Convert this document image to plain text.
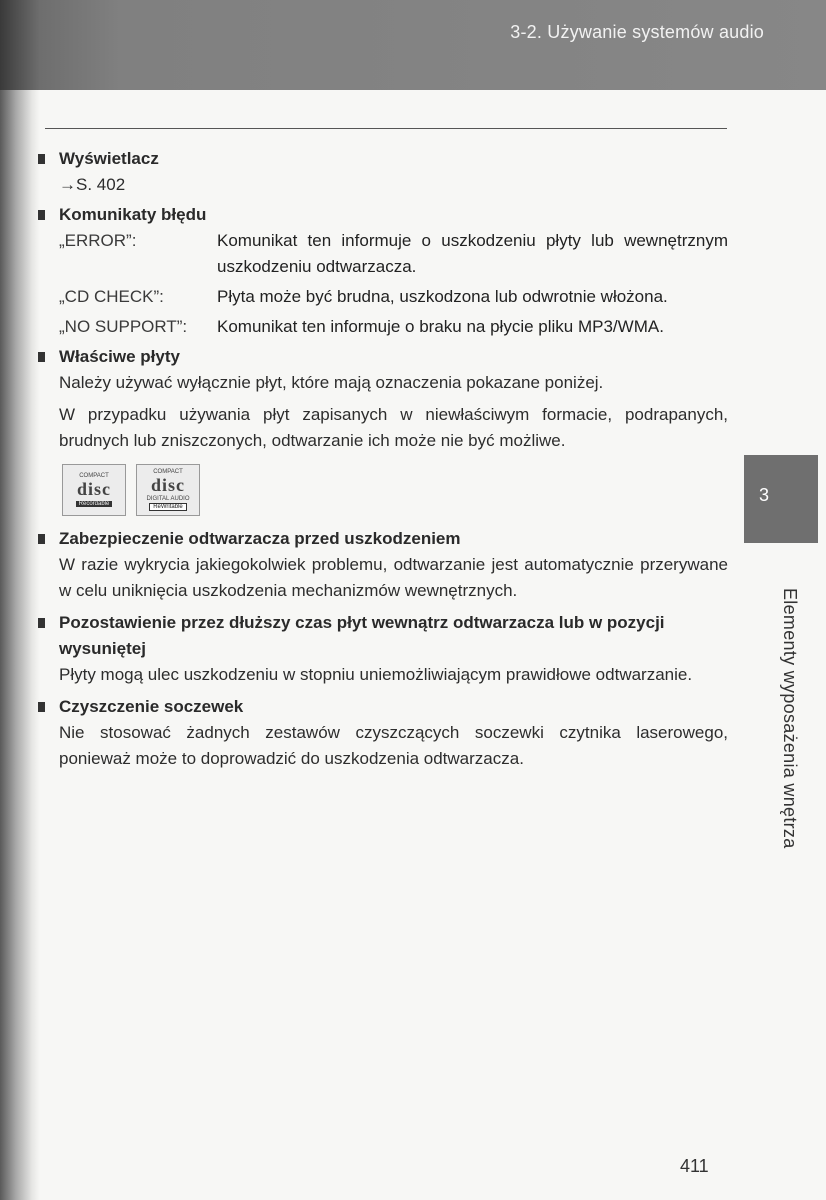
3-2. Używanie systemów audio
Wyświetlacz
→S. 402
Komunikaty błędu
„ERROR”:	Komunikat ten informuje o uszkodzeniu płyty lub wewnętrznym uszkodzeniu odtwarzacza.
„CD CHECK”:	Płyta może być brudna, uszkodzona lub odwrotnie włożona.
„NO SUPPORT”:	Komunikat ten informuje o braku na płycie pliku MP3/WMA.
Właściwe płyty
Należy używać wyłącznie płyt, które mają oznaczenia pokazane poniżej.
W przypadku używania płyt zapisanych w niewłaściwym formacie, podrapanych, brudnych lub zniszczonych, odtwarzanie ich może nie być możliwe.
COMPACT
disc
Recordable
COMPACT
disc
DIGITAL AUDIO
ReWritable
Zabezpieczenie odtwarzacza przed uszkodzeniem
W razie wykrycia jakiegokolwiek problemu, odtwarzanie jest automatycznie przerywane w celu uniknięcia uszkodzenia mechanizmów wewnętrznych.
Pozostawienie przez dłuższy czas płyt wewnątrz odtwarzacza lub w pozycji wysuniętej
Płyty mogą ulec uszkodzeniu w stopniu uniemożliwiającym prawidłowe odtwarzanie.
Czyszczenie soczewek
Nie stosować żadnych zestawów czyszczących soczewki czytnika laserowego, ponieważ może to doprowadzić do uszkodzenia odtwarzacza.
3
Elementy wyposażenia wnętrza
411
